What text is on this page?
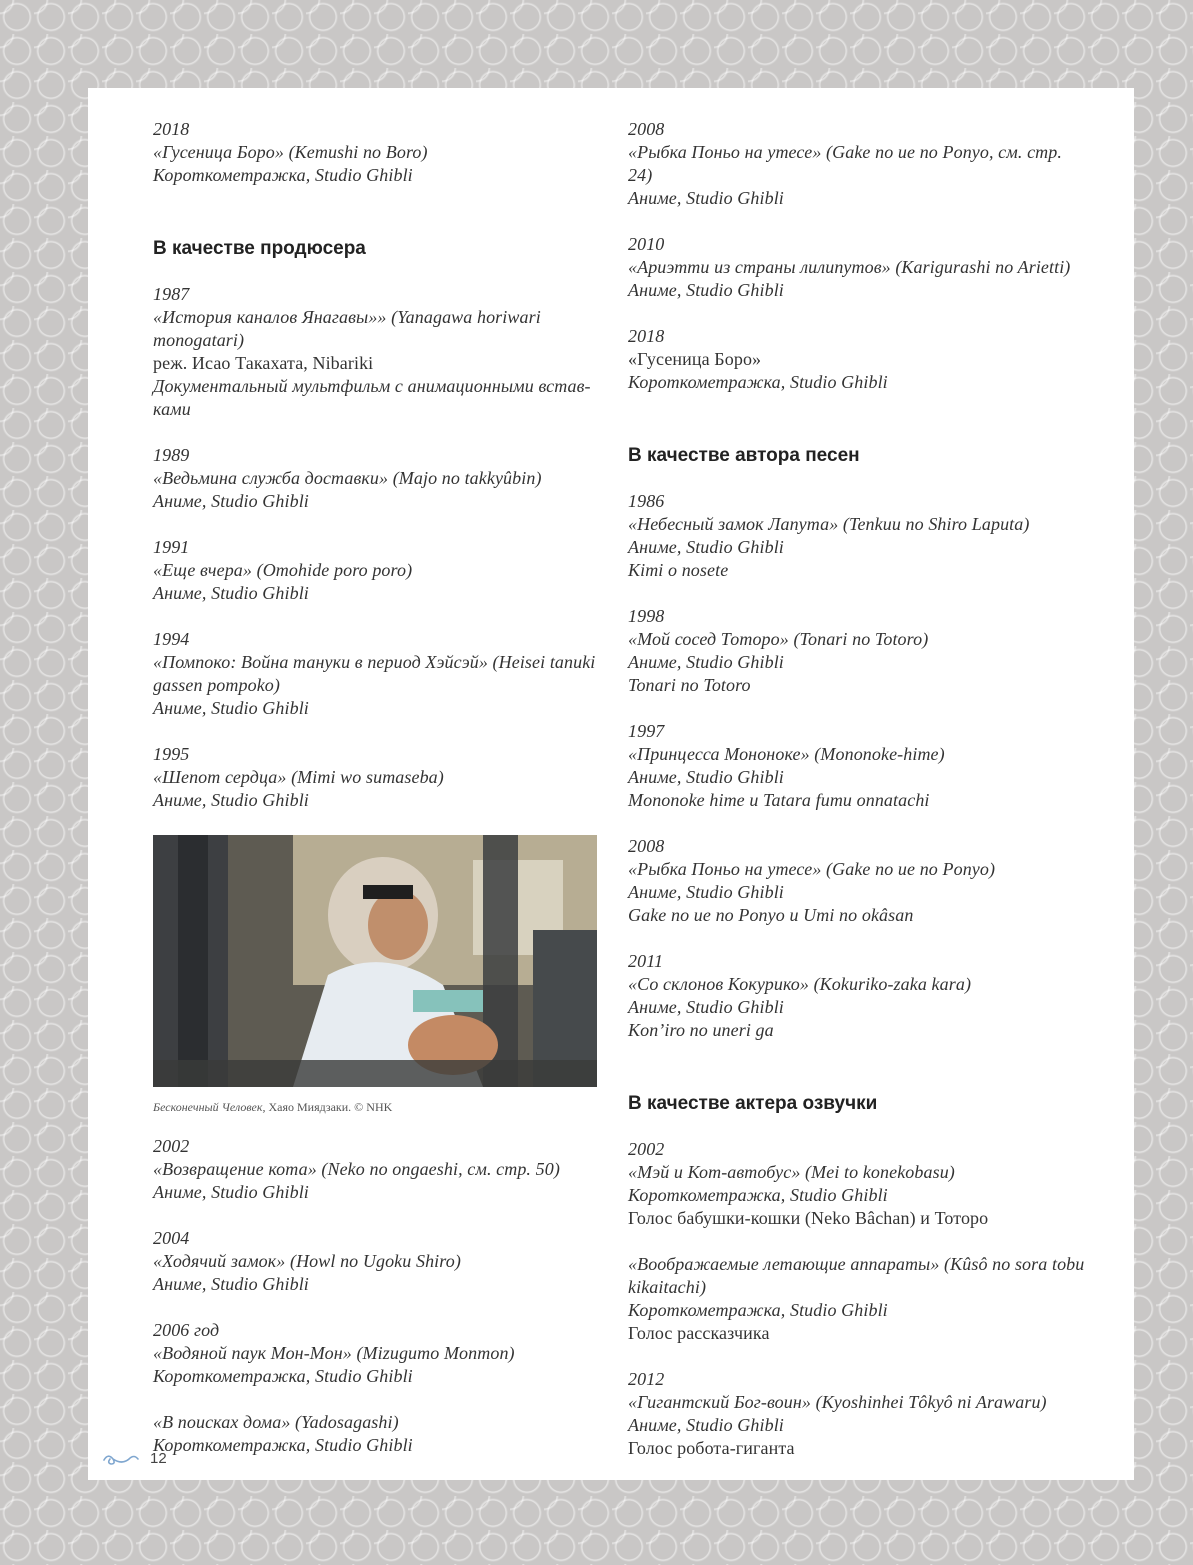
2018
«Гусеница Боро» (Kemushi no Boro)
Короткометражка, Studio Ghibli
В качестве продюсера
1987
«История каналов Янагавы»» (Yanagawa horiwari monogatari)
реж. Исао Такахата, Nibariki
Документальный мультфильм с анимационными встав-
ками
1989
«Ведьмина служба доставки» (Majo no takkyûbin)
Аниме, Studio Ghibli
1991
«Еще вчера» (Omohide poro poro)
Аниме, Studio Ghibli
1994
«Помпоко: Война тануки в период Хэйсэй» (Heisei tanuki
gassen pompoko)
Аниме, Studio Ghibli
1995
«Шепот сердца» (Mimi wo sumaseba)
Аниме, Studio Ghibli
Бесконечный Человек, Хаяо Миядзаки. © NHK
2002
«Возвращение кота» (Neko no ongaeshi, см. стр. 50)
Аниме, Studio Ghibli
2004
«Ходячий замок» (Howl no Ugoku Shiro)
Аниме, Studio Ghibli
2006 год
«Водяной паук Мон-Мон» (Mizugumo Monmon)
Короткометражка, Studio Ghibli
«В поисках дома» (Yadosagashi)
Короткометражка, Studio Ghibli
2008
«Рыбка Поньо на утесе» (Gake no ue no Ponyo, см. стр. 24)
Аниме, Studio Ghibli
2010
«Ариэтти из страны лилипутов» (Karigurashi no Arietti)
Аниме, Studio Ghibli
2018
«Гусеница Боро»
Короткометражка, Studio Ghibli
В качестве автора песен
1986
«Небесный замок Лапута» (Tenkuu no Shiro Laputa)
Аниме, Studio Ghibli
Kimi o nosete
1998
«Мой сосед Тоторо» (Tonari no Totoro)
Аниме, Studio Ghibli
Tonari no Totoro
1997
«Принцесса Мононоке» (Mononoke-hime)
Аниме, Studio Ghibli
Mononoke hime и Tatara fumu onnatachi
2008
«Рыбка Поньо на утесе» (Gake no ue no Ponyo)
Аниме, Studio Ghibli
Gake no ue no Ponyo и Umi no okâsan
2011
«Со склонов Кокурико» (Kokuriko-zaka kara)
Аниме, Studio Ghibli
Kon’iro no uneri ga
В качестве актера озвучки
2002
«Мэй и Кот-автобус» (Mei to konekobasu)
Короткометражка, Studio Ghibli
Голос бабушки-кошки (Neko Bâchan) и Тоторо
«Воображаемые летающие аппараты» (Kûsô no sora tobu
kikaitachi)
Короткометражка, Studio Ghibli
Голос рассказчика
2012
«Гигантский Бог-воин» (Kyoshinhei Tôkyô ni Arawaru)
Аниме, Studio Ghibli
Голос робота-гиганта
12
